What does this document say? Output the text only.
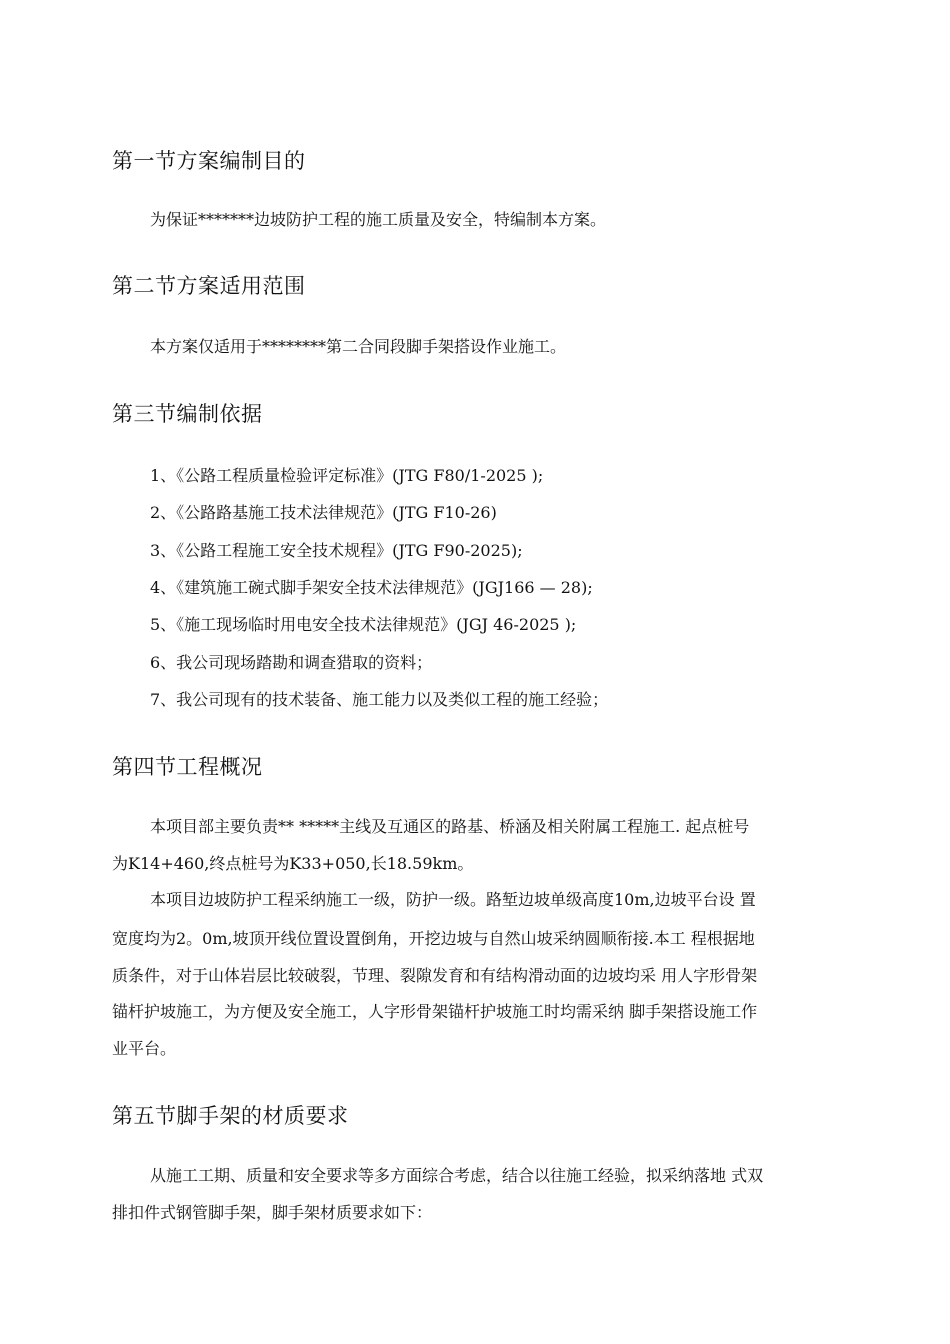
第一节方案编制目的
为保证*******边坡防护工程的施工质量及安全，特编制本方案。
第二节方案适用范围
本方案仅适用于********第二合同段脚手架搭设作业施工。
第三节编制依据
1、《公路工程质量检验评定标准》(JTG F80/1-2025 );
2、《公路路基施工技术法律规范》(JTG F10-26)
3、《公路工程施工安全技术规程》(JTG F90-2025);
4、《建筑施工碗式脚手架安全技术法律规范》(JGJ166 — 28);
5、《施工现场临时用电安全技术法律规范》(JGJ 46-2025 );
6、我公司现场踏勘和调查猎取的资料；
7、我公司现有的技术装备、施工能力以及类似工程的施工经验；
第四节工程概况
本项目部主要负责** *****主线及互通区的路基、桥涵及相关附属工程施工. 起点桩号
为K14+460,终点桩号为K33+050,长18.59km。
本项目边坡防护工程采纳施工一级，防护一级。路堑边坡单级高度10m,边坡平台设 置
宽度均为2。0m,坡顶开线位置设置倒角，开挖边坡与自然山坡采纳圆顺衔接.本工 程根据地
质条件，对于山体岩层比较破裂，节理、裂隙发育和有结构滑动面的边坡均采 用人字形骨架
锚杆护坡施工，为方便及安全施工，人字形骨架锚杆护坡施工时均需采纳 脚手架搭设施工作
业平台。
第五节脚手架的材质要求
从施工工期、质量和安全要求等多方面综合考虑，结合以往施工经验，拟采纳落地 式双
排扣件式钢管脚手架，脚手架材质要求如下：
